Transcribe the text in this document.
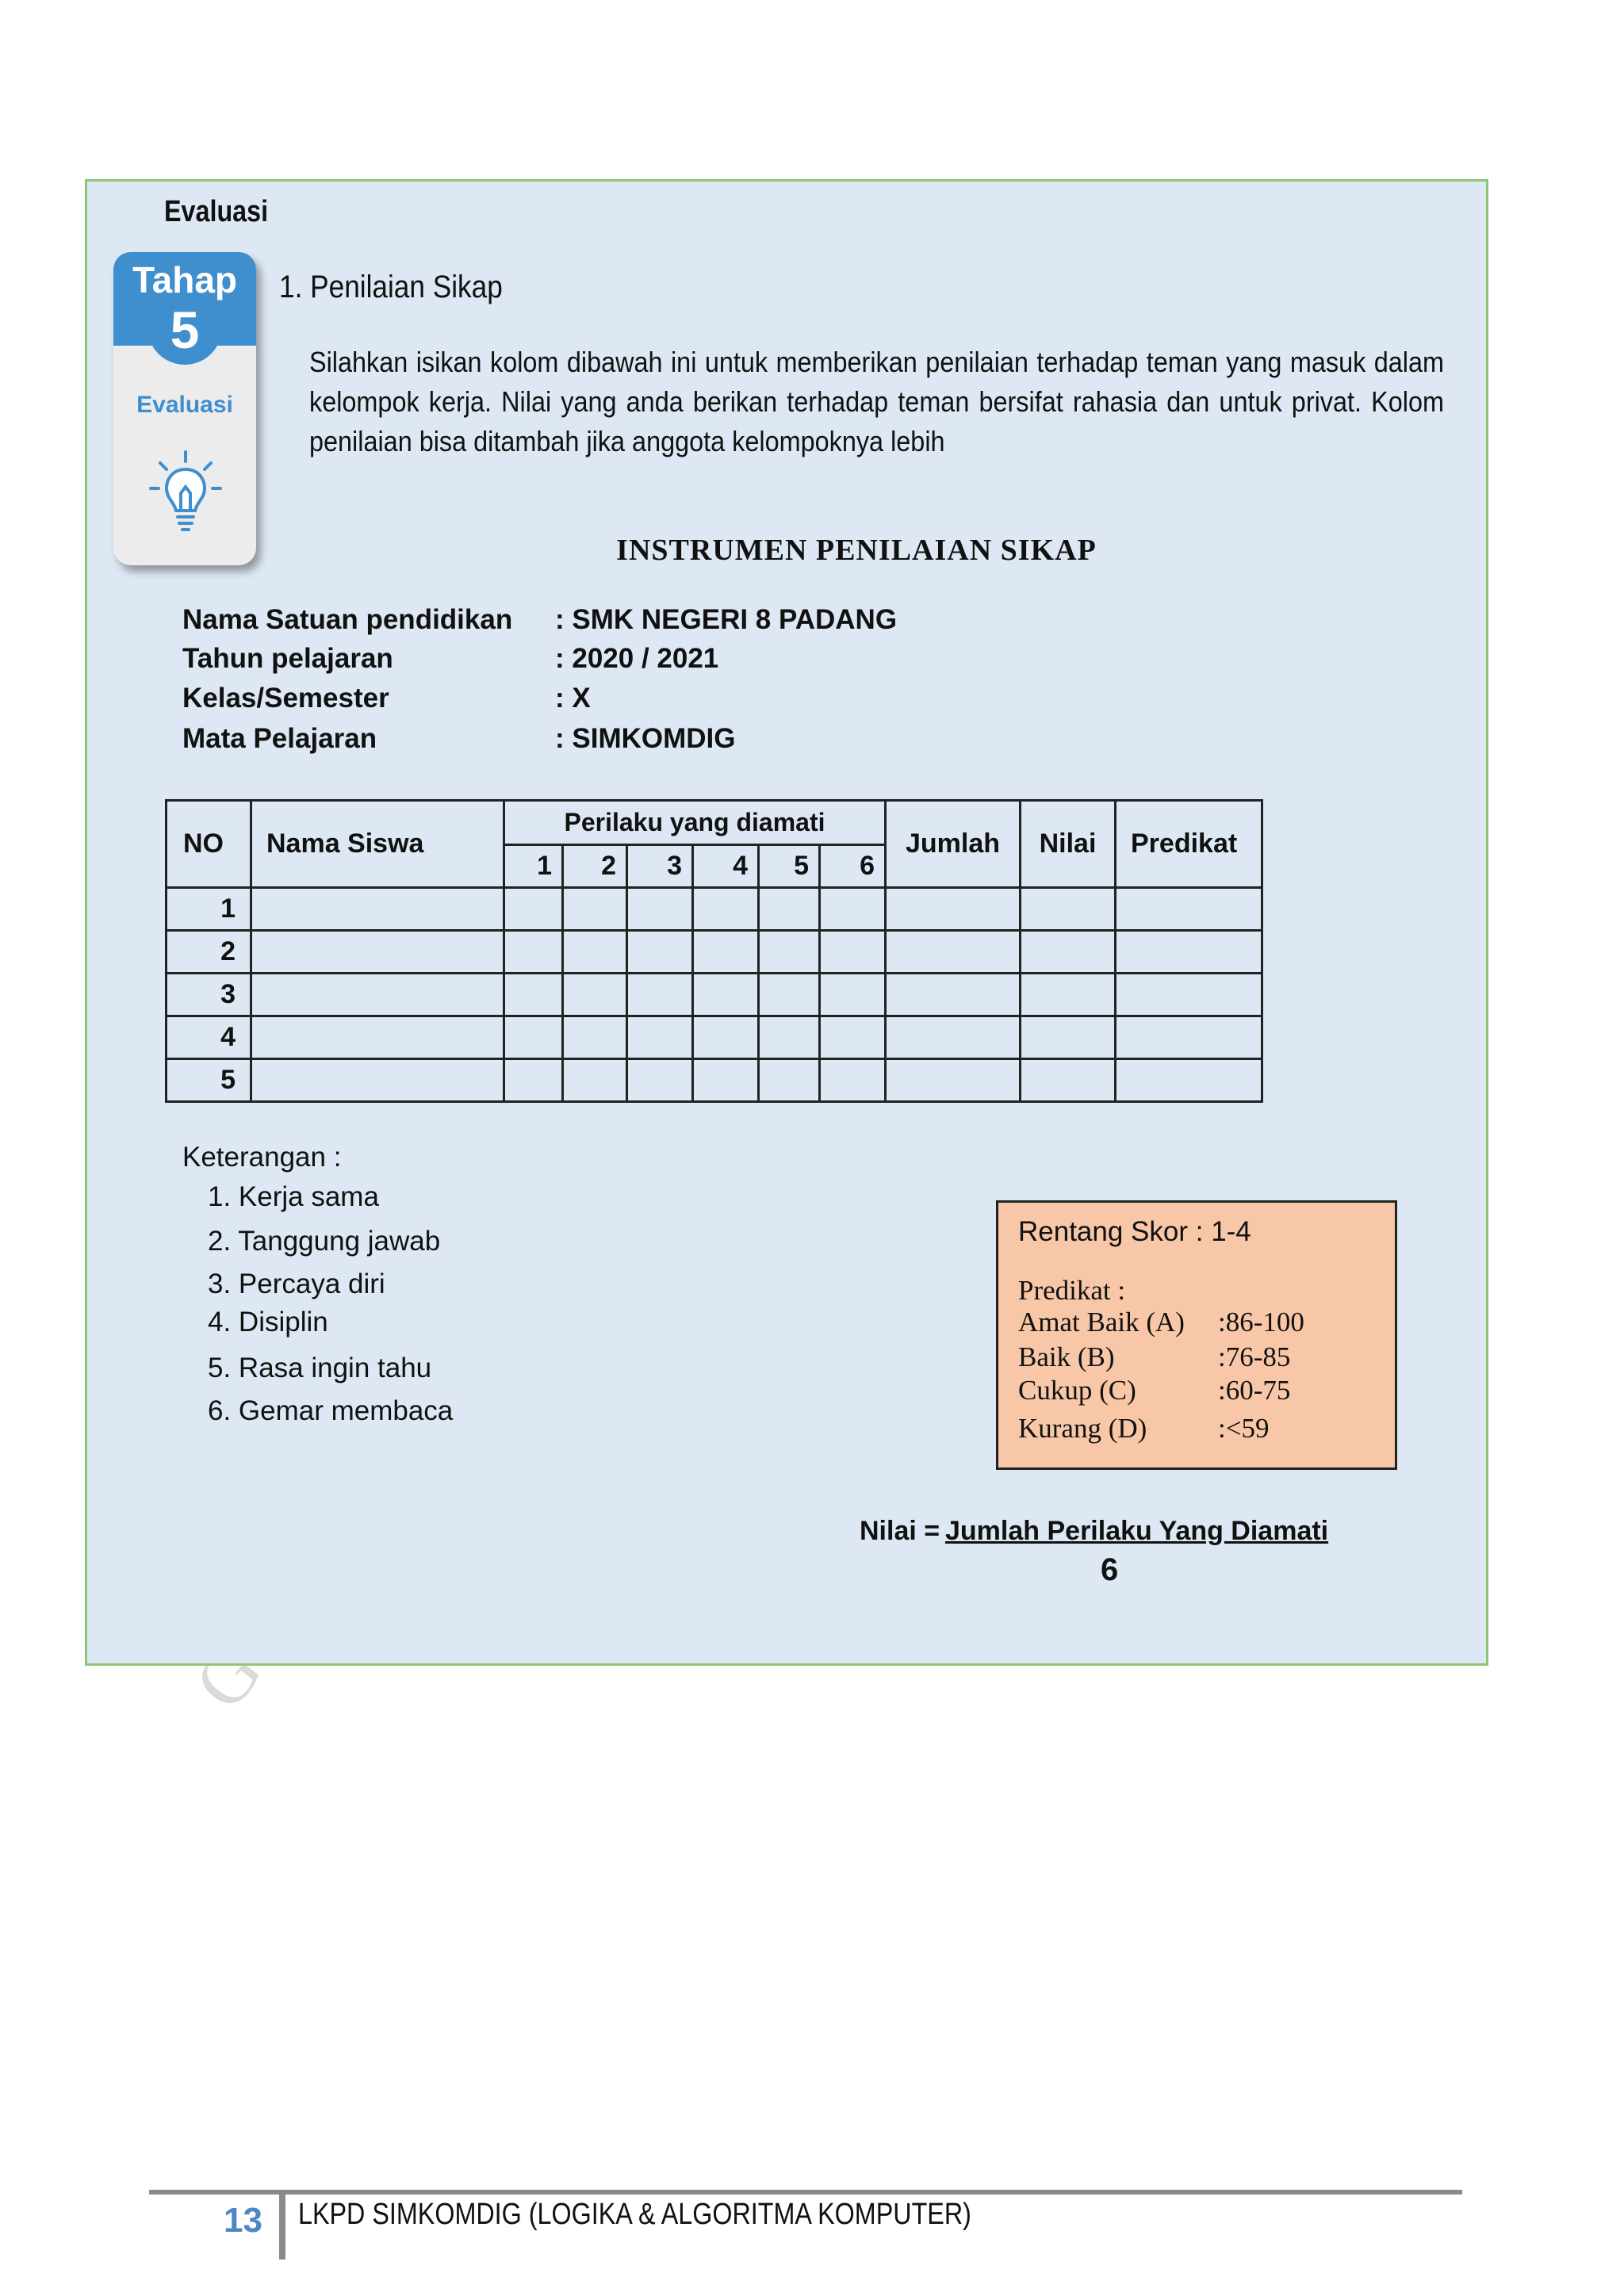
Evaluasi
Tahap
5
Evaluasi
1. Penilaian Sikap
Silahkan isikan kolom dibawah ini untuk memberikan penilaian terhadap teman yang masuk dalam kelompok kerja. Nilai yang anda berikan terhadap teman bersifat rahasia dan untuk privat. Kolom penilaian bisa ditambah jika anggota kelompoknya lebih
INSTRUMEN PENILAIAN SIKAP
Nama Satuan pendidikan : SMK NEGERI 8 PADANG
Tahun pelajaran	: 2020 / 2021
Kelas/Semester	: X
Mata Pelajaran	: SIMKOMDIG
NO	Nama Siswa	Perilaku yang diamati						Jumlah	Nilai	Predikat
		1	2	3	4	5	6			
1										
2										
3										
4										
5										
Keterangan :
1. Kerja sama
2. Tanggung jawab
3. Percaya diri
4. Disiplin
5. Rasa ingin tahu
6. Gemar membaca
Rentang Skor : 1-4
Predikat :
Amat Baik (A) :86-100
Baik (B)	:76-85
Cukup (C)	:60-75
Kurang (D)	:<59
Nilai = Jumlah Perilaku Yang Diamati
6
13 LKPD SIMKOMDIG (LOGIKA & ALGORITMA KOMPUTER)
